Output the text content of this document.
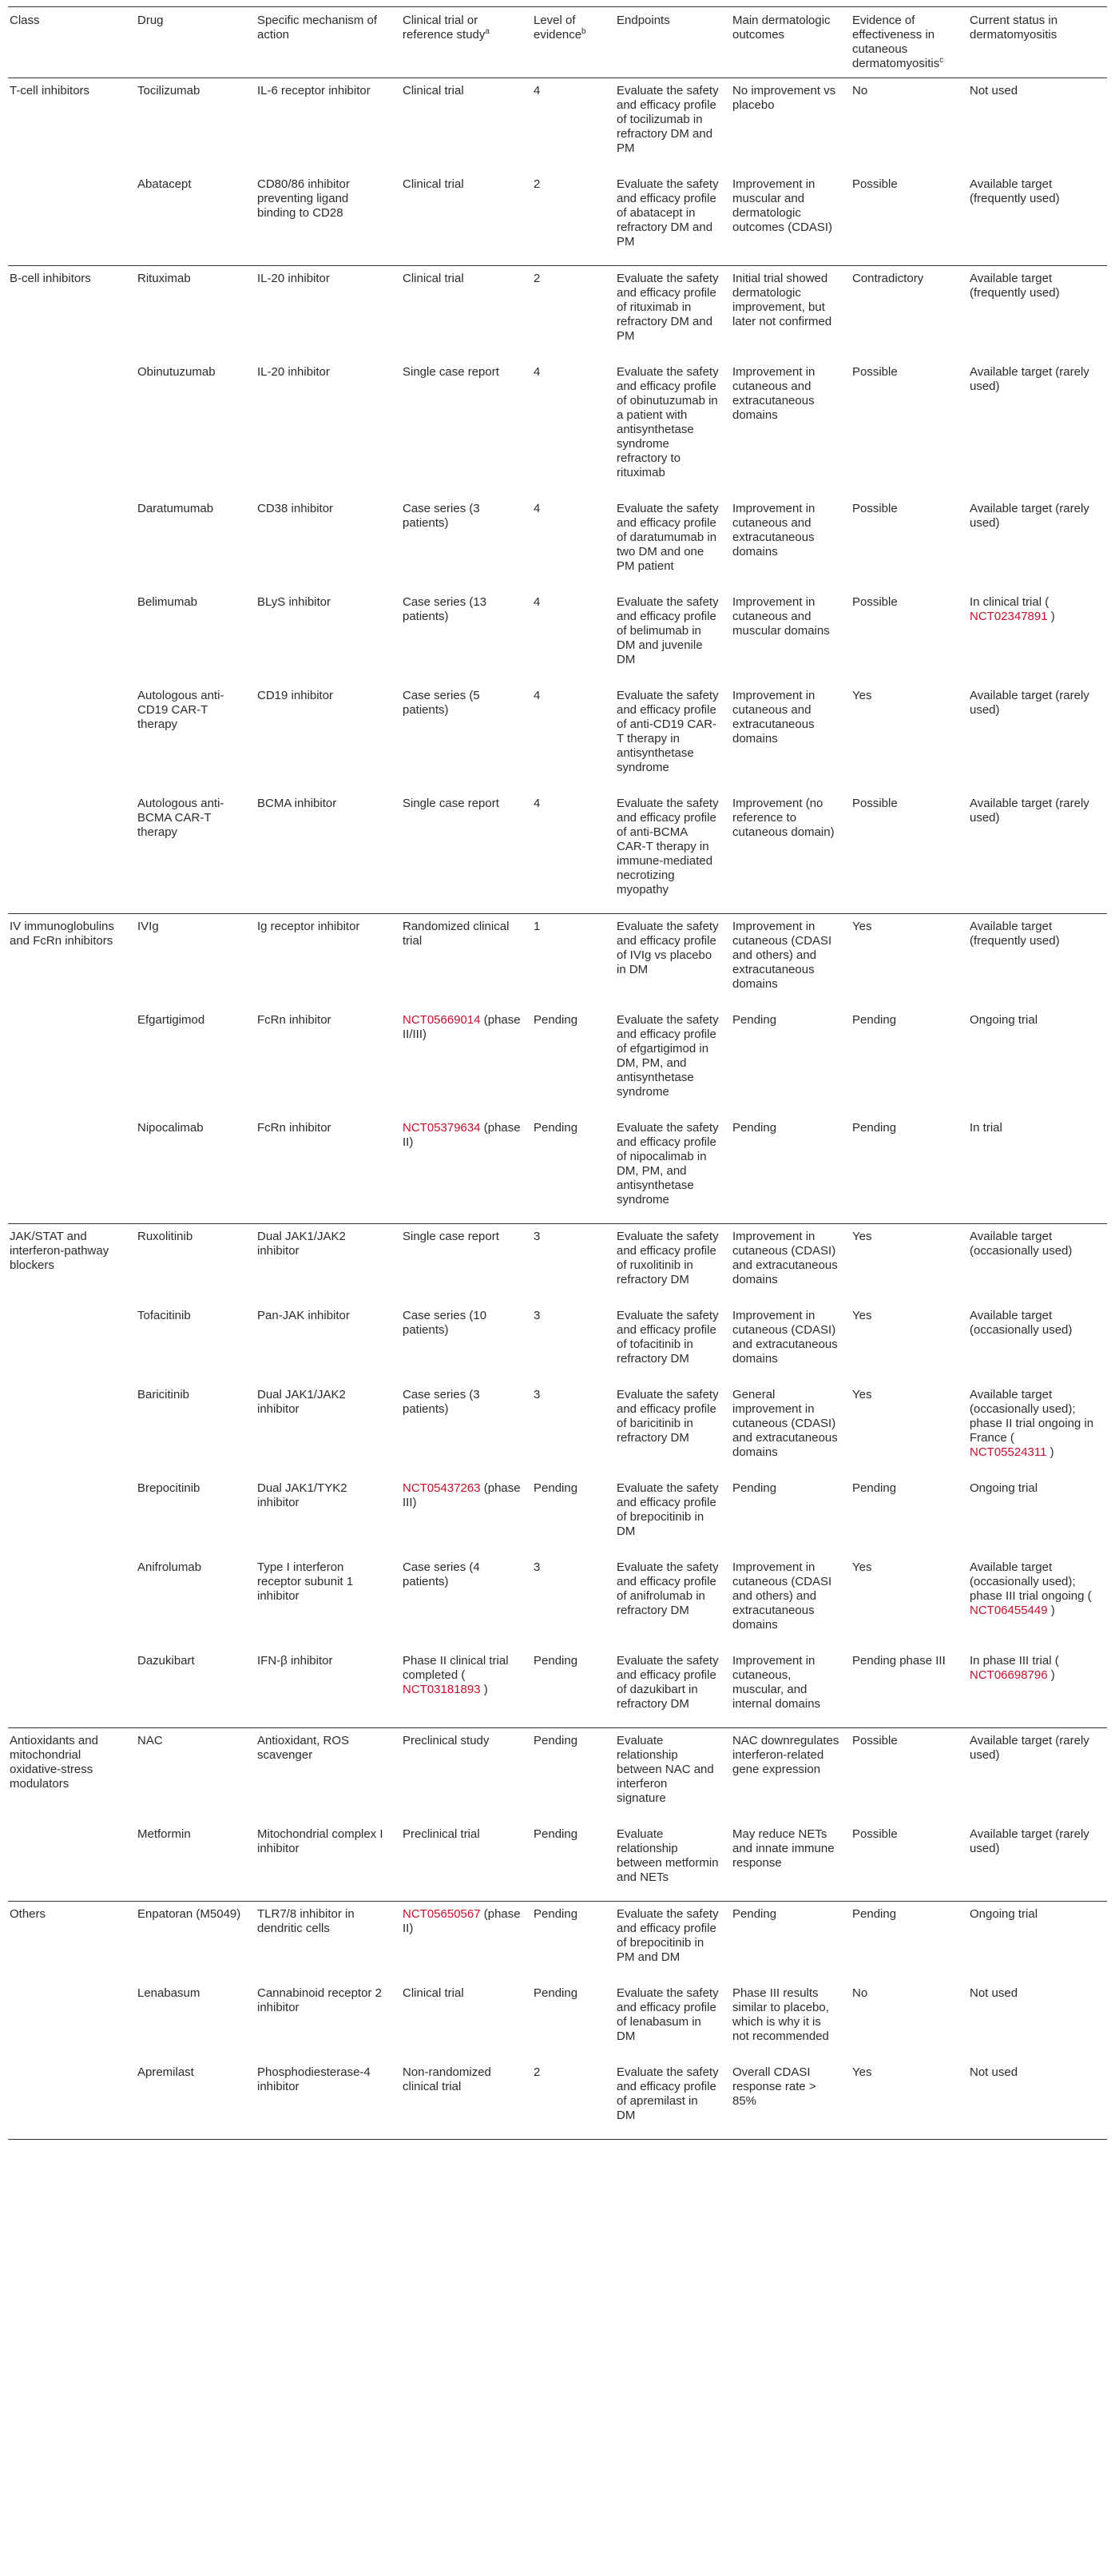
Class	Drug	Specific mechanism of action	Clinical trial or reference study$^a$	Level of evidence$^b$	Endpoints	Main dermatologic outcomes	Evidence of effectiveness in cutaneous dermatomyositis$^c$	Current status in dermatomyositis
T-cell inhibitors	Tocilizumab	IL-6 receptor inhibitor	Clinical trial	4	Evaluate the safety and efficacy profile of tocilizumab in refractory DM and PM	No improvement vs placebo	No	Not used
	Abatacept	CD80/86 inhibitor preventing ligand binding to CD28	Clinical trial	2	Evaluate the safety and efficacy profile of abatacept in refractory DM and PM	Improvement in muscular and dermatologic outcomes (CDASI)	Possible	Available target (frequently used)
B-cell inhibitors	Rituximab	IL-20 inhibitor	Clinical trial	2	Evaluate the safety and efficacy profile of rituximab in refractory DM and PM	Initial trial showed dermatologic improvement, but later not confirmed	Contradictory	Available target (frequently used)
	Obinutuzumab	IL-20 inhibitor	Single case report	4	Evaluate the safety and efficacy profile of obinutuzumab in a patient with antisynthetase syndrome refractory to rituximab	Improvement in cutaneous and extracutaneous domains	Possible	Available target (rarely used)
	Daratumumab	CD38 inhibitor	Case series (3 patients)	4	Evaluate the safety and efficacy profile of daratumumab in two DM and one PM patient	Improvement in cutaneous and extracutaneous domains	Possible	Available target (rarely used)
	Belimumab	BLyS inhibitor	Case series (13 patients)	4	Evaluate the safety and efficacy profile of belimumab in DM and juvenile DM	Improvement in cutaneous and muscular domains	Possible	In clinical trial ( NCT02347891 )
	Autologous anti-CD19 CAR-T therapy	CD19 inhibitor	Case series (5 patients)	4	Evaluate the safety and efficacy profile of anti-CD19 CAR-T therapy in antisynthetase syndrome	Improvement in cutaneous and extracutaneous domains	Yes	Available target (rarely used)
	Autologous anti-BCMA CAR-T therapy	BCMA inhibitor	Single case report	4	Evaluate the safety and efficacy profile of anti-BCMA CAR-T therapy in immune-mediated necrotizing myopathy	Improvement (no reference to cutaneous domain)	Possible	Available target (rarely used)
IV immunoglobulins and FcRn inhibitors	IVIg	Ig receptor inhibitor	Randomized clinical trial	1	Evaluate the safety and efficacy profile of IVIg vs placebo in DM	Improvement in cutaneous (CDASI and others) and extracutaneous domains	Yes	Available target (frequently used)
	Efgartigimod	FcRn inhibitor	NCT05669014 (phase II/III)	Pending	Evaluate the safety and efficacy profile of efgartigimod in DM, PM, and antisynthetase syndrome	Pending	Pending	Ongoing trial
	Nipocalimab	FcRn inhibitor	NCT05379634 (phase II)	Pending	Evaluate the safety and efficacy profile of nipocalimab in DM, PM, and antisynthetase syndrome	Pending	Pending	In trial
JAK/STAT and interferon-pathway blockers	Ruxolitinib	Dual JAK1/JAK2 inhibitor	Single case report	3	Evaluate the safety and efficacy profile of ruxolitinib in refractory DM	Improvement in cutaneous (CDASI) and extracutaneous domains	Yes	Available target (occasionally used)
	Tofacitinib	Pan-JAK inhibitor	Case series (10 patients)	3	Evaluate the safety and efficacy profile of tofacitinib in refractory DM	Improvement in cutaneous (CDASI) and extracutaneous domains	Yes	Available target (occasionally used)
	Baricitinib	Dual JAK1/JAK2 inhibitor	Case series (3 patients)	3	Evaluate the safety and efficacy profile of baricitinib in refractory DM	General improvement in cutaneous (CDASI) and extracutaneous domains	Yes	Available target (occasionally used); phase II trial ongoing in France ( NCT05524311 )
	Brepocitinib	Dual JAK1/TYK2 inhibitor	NCT05437263 (phase III)	Pending	Evaluate the safety and efficacy profile of brepocitinib in DM	Pending	Pending	Ongoing trial
	Anifrolumab	Type I interferon receptor subunit 1 inhibitor	Case series (4 patients)	3	Evaluate the safety and efficacy profile of anifrolumab in refractory DM	Improvement in cutaneous (CDASI and others) and extracutaneous domains	Yes	Available target (occasionally used); phase III trial ongoing ( NCT06455449 )
	Dazukibart	IFN-β inhibitor	Phase II clinical trial completed ( NCT03181893 )	Pending	Evaluate the safety and efficacy profile of dazukibart in refractory DM	Improvement in cutaneous, muscular, and internal domains	Pending phase III	In phase III trial ( NCT06698796 )
Antioxidants and mitochondrial oxidative-stress modulators	NAC	Antioxidant, ROS scavenger	Preclinical study	Pending	Evaluate relationship between NAC and interferon signature	NAC downregulates interferon-related gene expression	Possible	Available target (rarely used)
	Metformin	Mitochondrial complex I inhibitor	Preclinical trial	Pending	Evaluate relationship between metformin and NETs	May reduce NETs and innate immune response	Possible	Available target (rarely used)
Others	Enpatoran (M5049)	TLR7/8 inhibitor in dendritic cells	NCT05650567 (phase II)	Pending	Evaluate the safety and efficacy profile of brepocitinib in PM and DM	Pending	Pending	Ongoing trial
	Lenabasum	Cannabinoid receptor 2 inhibitor	Clinical trial	Pending	Evaluate the safety and efficacy profile of lenabasum in DM	Phase III results similar to placebo, which is why it is not recommended	No	Not used
	Apremilast	Phosphodiesterase-4 inhibitor	Non-randomized clinical trial	2	Evaluate the safety and efficacy profile of apremilast in DM	Overall CDASI response rate > 85%	Yes	Not used
